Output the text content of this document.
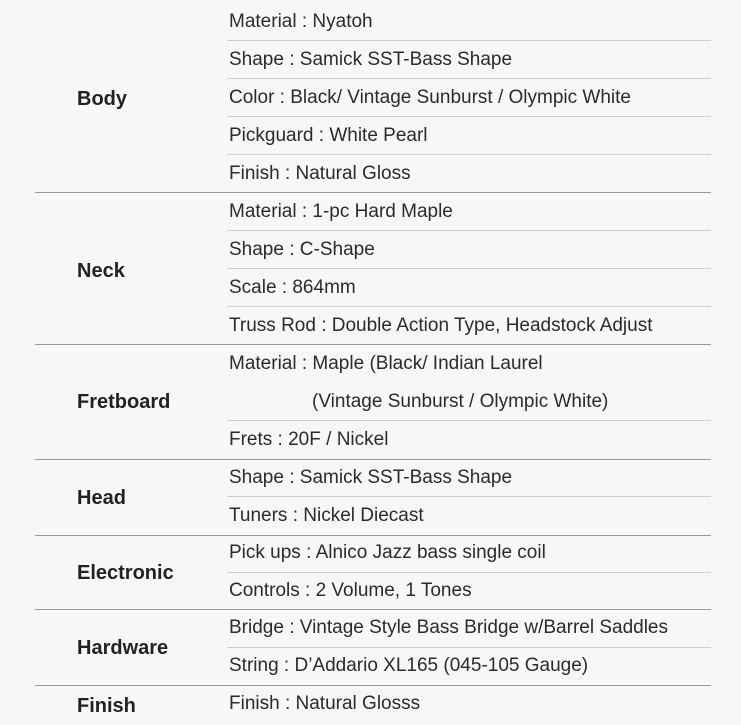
Body
Material : Nyatoh
Shape : Samick SST-Bass Shape
Color : Black/ Vintage Sunburst / Olympic White
Pickguard : White Pearl
Finish : Natural Gloss
Neck
Material : 1-pc Hard Maple
Shape : C-Shape
Scale : 864mm
Truss Rod : Double Action Type, Headstock Adjust
Fretboard
Material : Maple (Black/ Indian Laurel
(Vintage Sunburst / Olympic White)
Frets : 20F / Nickel
Head
Shape : Samick SST-Bass Shape
Tuners : Nickel Diecast
Electronic
Pick ups : Alnico Jazz bass single coil
Controls : 2 Volume, 1 Tones
Hardware
Bridge : Vintage Style Bass Bridge w/Barrel Saddles
String : D’Addario XL165 (045-105 Gauge)
Finish	Finish : Natural Glosss
